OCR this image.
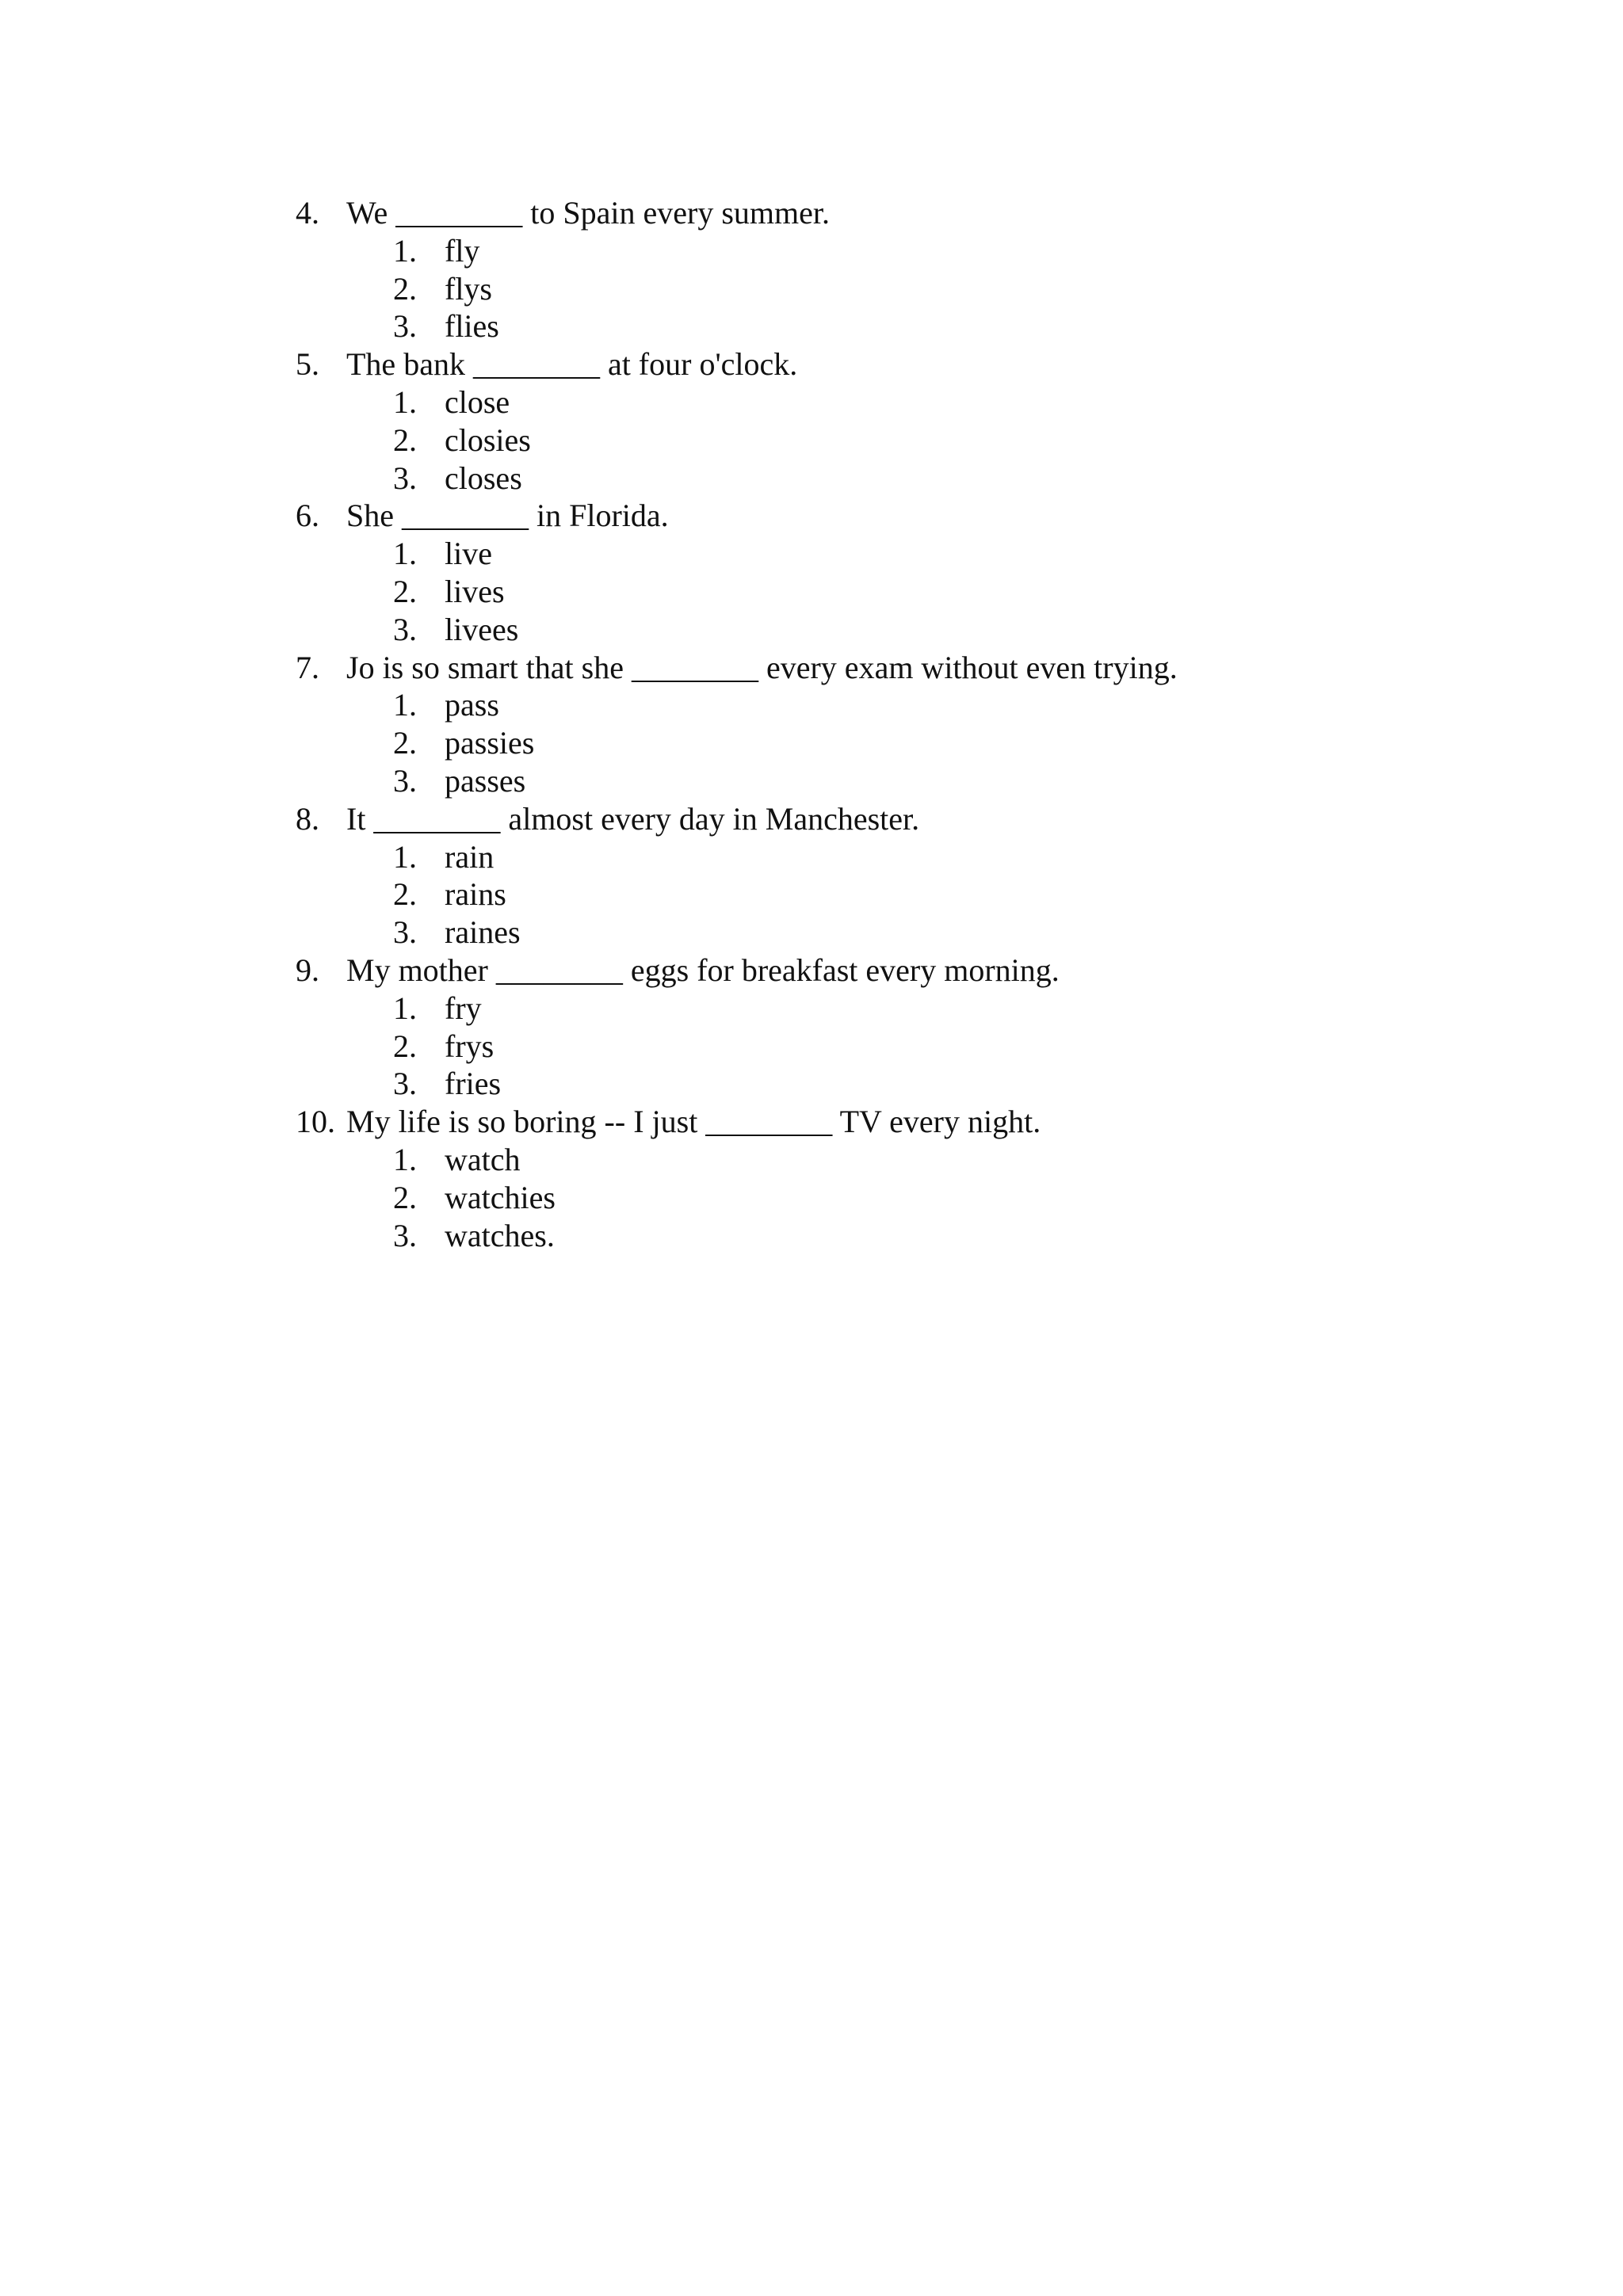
4. We ________ to Spain every summer.
1. fly
2. flys
3. flies
5. The bank ________ at four o'clock.
1. close
2. closies
3. closes
6. She ________ in Florida.
1. live
2. lives
3. livees
7. Jo is so smart that she ________ every exam without even trying.
1. pass
2. passies
3. passes
8. It ________ almost every day in Manchester.
1. rain
2. rains
3. raines
9. My mother ________ eggs for breakfast every morning.
1. fry
2. frys
3. fries
10. My life is so boring -- I just ________ TV every night.
1. watch
2. watchies
3. watches.
